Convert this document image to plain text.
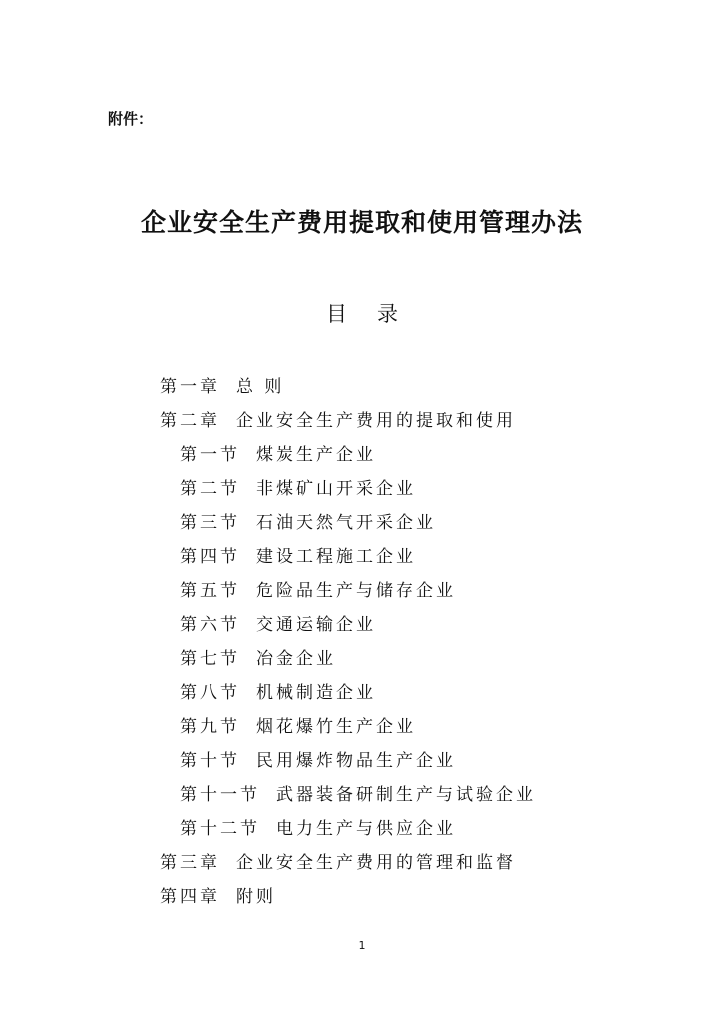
附件：
企业安全生产费用提取和使用管理办法
目 录
第一章 总 则
第二章 企业安全生产费用的提取和使用
第一节 煤炭生产企业
第二节 非煤矿山开采企业
第三节 石油天然气开采企业
第四节 建设工程施工企业
第五节 危险品生产与储存企业
第六节 交通运输企业
第七节 冶金企业
第八节 机械制造企业
第九节 烟花爆竹生产企业
第十节 民用爆炸物品生产企业
第十一节 武器装备研制生产与试验企业
第十二节 电力生产与供应企业
第三章 企业安全生产费用的管理和监督
第四章 附则
1
